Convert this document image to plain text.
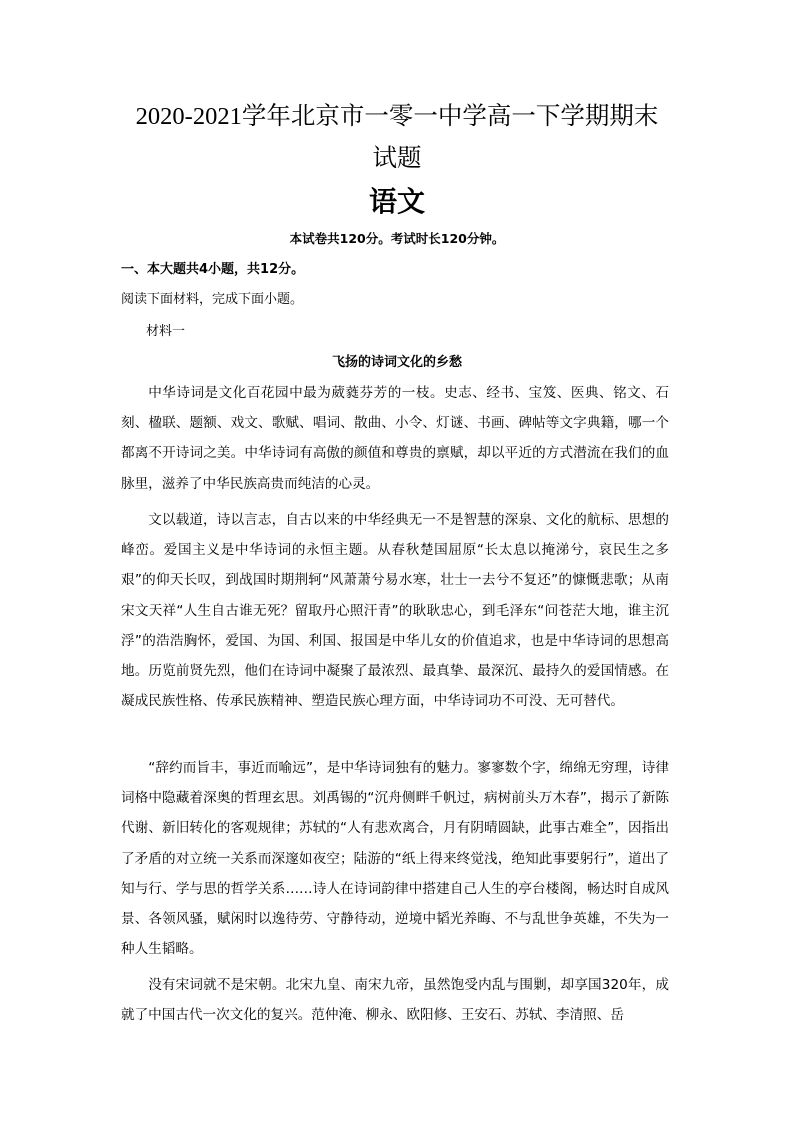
2020-2021学年北京市一零一中学高一下学期期末
试题
语文
本试卷共120分。考试时长120分钟。
一、本大题共4小题，共12分。
阅读下面材料，完成下面小题。
材料一
飞扬的诗词文化的乡愁

中华诗词是文化百花园中最为葳蕤芬芳的一枝。史志、经书、宝笈、医典、铭文、石刻、楹联、题额、戏文、歌赋、唱词、散曲、小令、灯谜、书画、碑帖等文字典籍，哪一个都离不开诗词之美。中华诗词有高傲的颜值和尊贵的禀赋，却以平近的方式潜流在我们的血脉里，滋养了中华民族高贵而纯洁的心灵。

文以载道，诗以言志，自古以来的中华经典无一不是智慧的深泉、文化的航标、思想的峰峦。爱国主义是中华诗词的永恒主题。从春秋楚国屈原“长太息以掩涕兮，哀民生之多艰”的仰天长叹，到战国时期荆轲“风萧萧兮易水寒，壮士一去兮不复还”的慷慨悲歌；从南宋文天祥“人生自古谁无死？留取丹心照汗青”的耿耿忠心，到毛泽东“问苍茫大地，谁主沉浮”的浩浩胸怀，爱国、为国、利国、报国是中华儿女的价值追求，也是中华诗词的思想高地。历览前贤先烈，他们在诗词中凝聚了最浓烈、最真挚、最深沉、最持久的爱国情感。在凝成民族性格、传承民族精神、塑造民族心理方面，中华诗词功不可没、无可替代。

“辞约而旨丰，事近而喻远”，是中华诗词独有的魅力。寥寥数个字，绵绵无穷理，诗律词格中隐藏着深奥的哲理玄思。刘禹锡的“沉舟侧畔千帆过，病树前头万木春”，揭示了新陈代谢、新旧转化的客观规律；苏轼的“人有悲欢离合，月有阴晴圆缺，此事古难全”，因指出了矛盾的对立统一关系而深邃如夜空；陆游的“纸上得来终觉浅，绝知此事要躬行”，道出了知与行、学与思的哲学关系……诗人在诗词韵律中搭建自己人生的亭台楼阁，畅达时自成风景、各领风骚，赋闲时以逸待劳、守静待动，逆境中韬光养晦、不与乱世争英雄，不失为一种人生韬略。

没有宋词就不是宋朝。北宋九皇、南宋九帝，虽然饱受内乱与围剿，却享国320年，成就了中国古代一次文化的复兴。范仲淹、柳永、欧阳修、王安石、苏轼、李清照、岳
